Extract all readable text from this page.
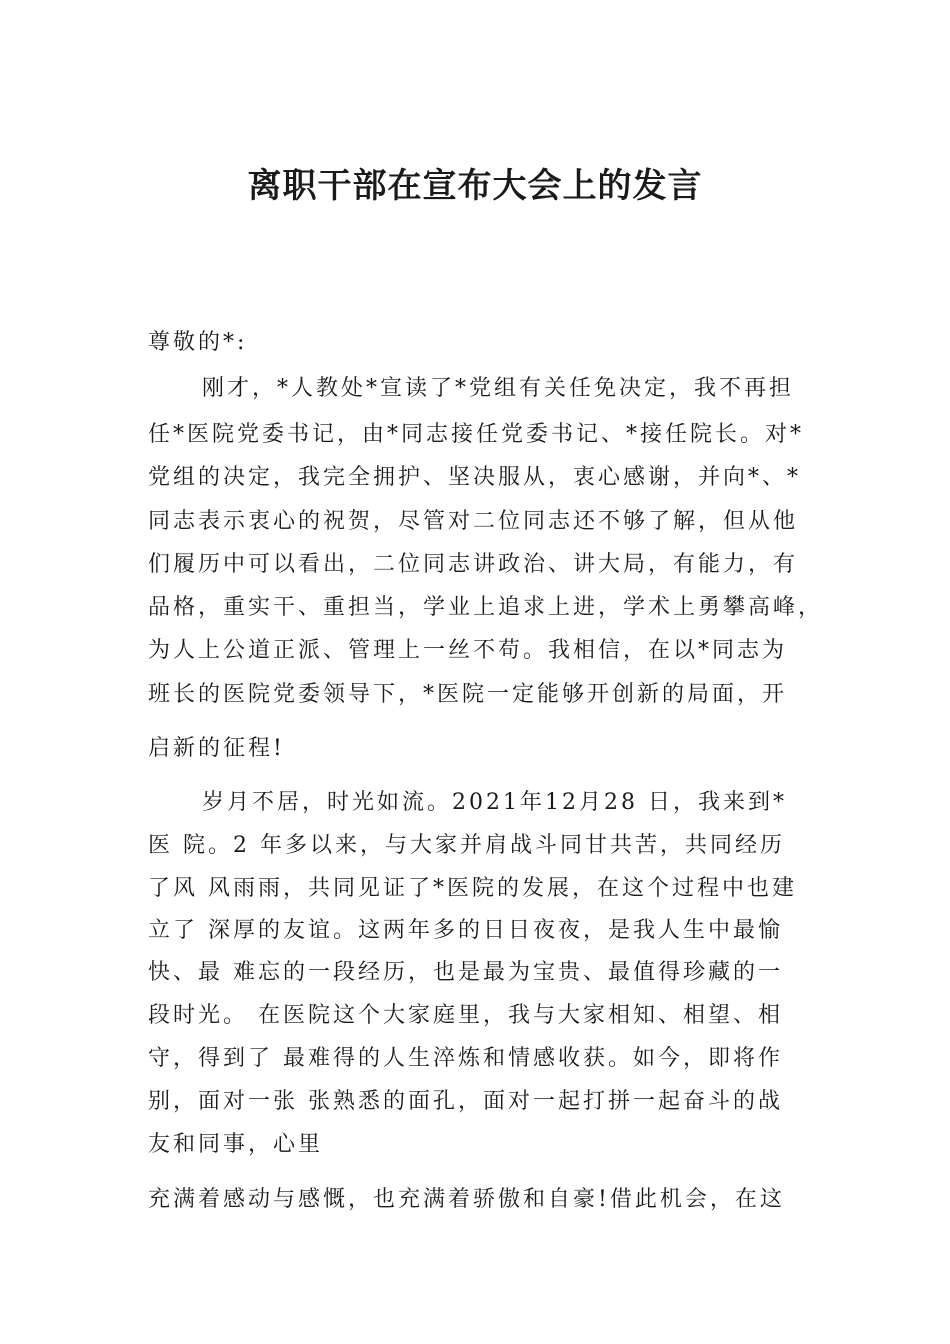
离职干部在宣布大会上的发言

尊敬的*:

刚才，*人教处*宣读了*党组有关任免决定，我不再担

任*医院党委书记，由*同志接任党委书记、*接任院长。对*

党组的决定，我完全拥护、坚决服从，衷心感谢，并向*、*

同志表示衷心的祝贺，尽管对二位同志还不够了解，但从他

们履历中可以看出，二位同志讲政治、讲大局，有能力，有

品格，重实干、重担当，学业上追求上进，学术上勇攀高峰，

为人上公道正派、管理上一丝不苟。我相信，在以*同志为

班长的医院党委领导下，*医院一定能够开创新的局面，开

启新的征程!

岁月不居，时光如流。2021年12月28 日，我来到*

医 院。2 年多以来，与大家并肩战斗同甘共苦，共同经历

了风 风雨雨，共同见证了*医院的发展，在这个过程中也建

立了 深厚的友谊。这两年多的日日夜夜，是我人生中最愉

快、最 难忘的一段经历，也是最为宝贵、最值得珍藏的一

段时光。 在医院这个大家庭里，我与大家相知、相望、相

守，得到了 最难得的人生淬炼和情感收获。如今，即将作

别，面对一张 张熟悉的面孔，面对一起打拼一起奋斗的战

友和同事，心里

充满着感动与感慨，也充满着骄傲和自豪!借此机会，在这
